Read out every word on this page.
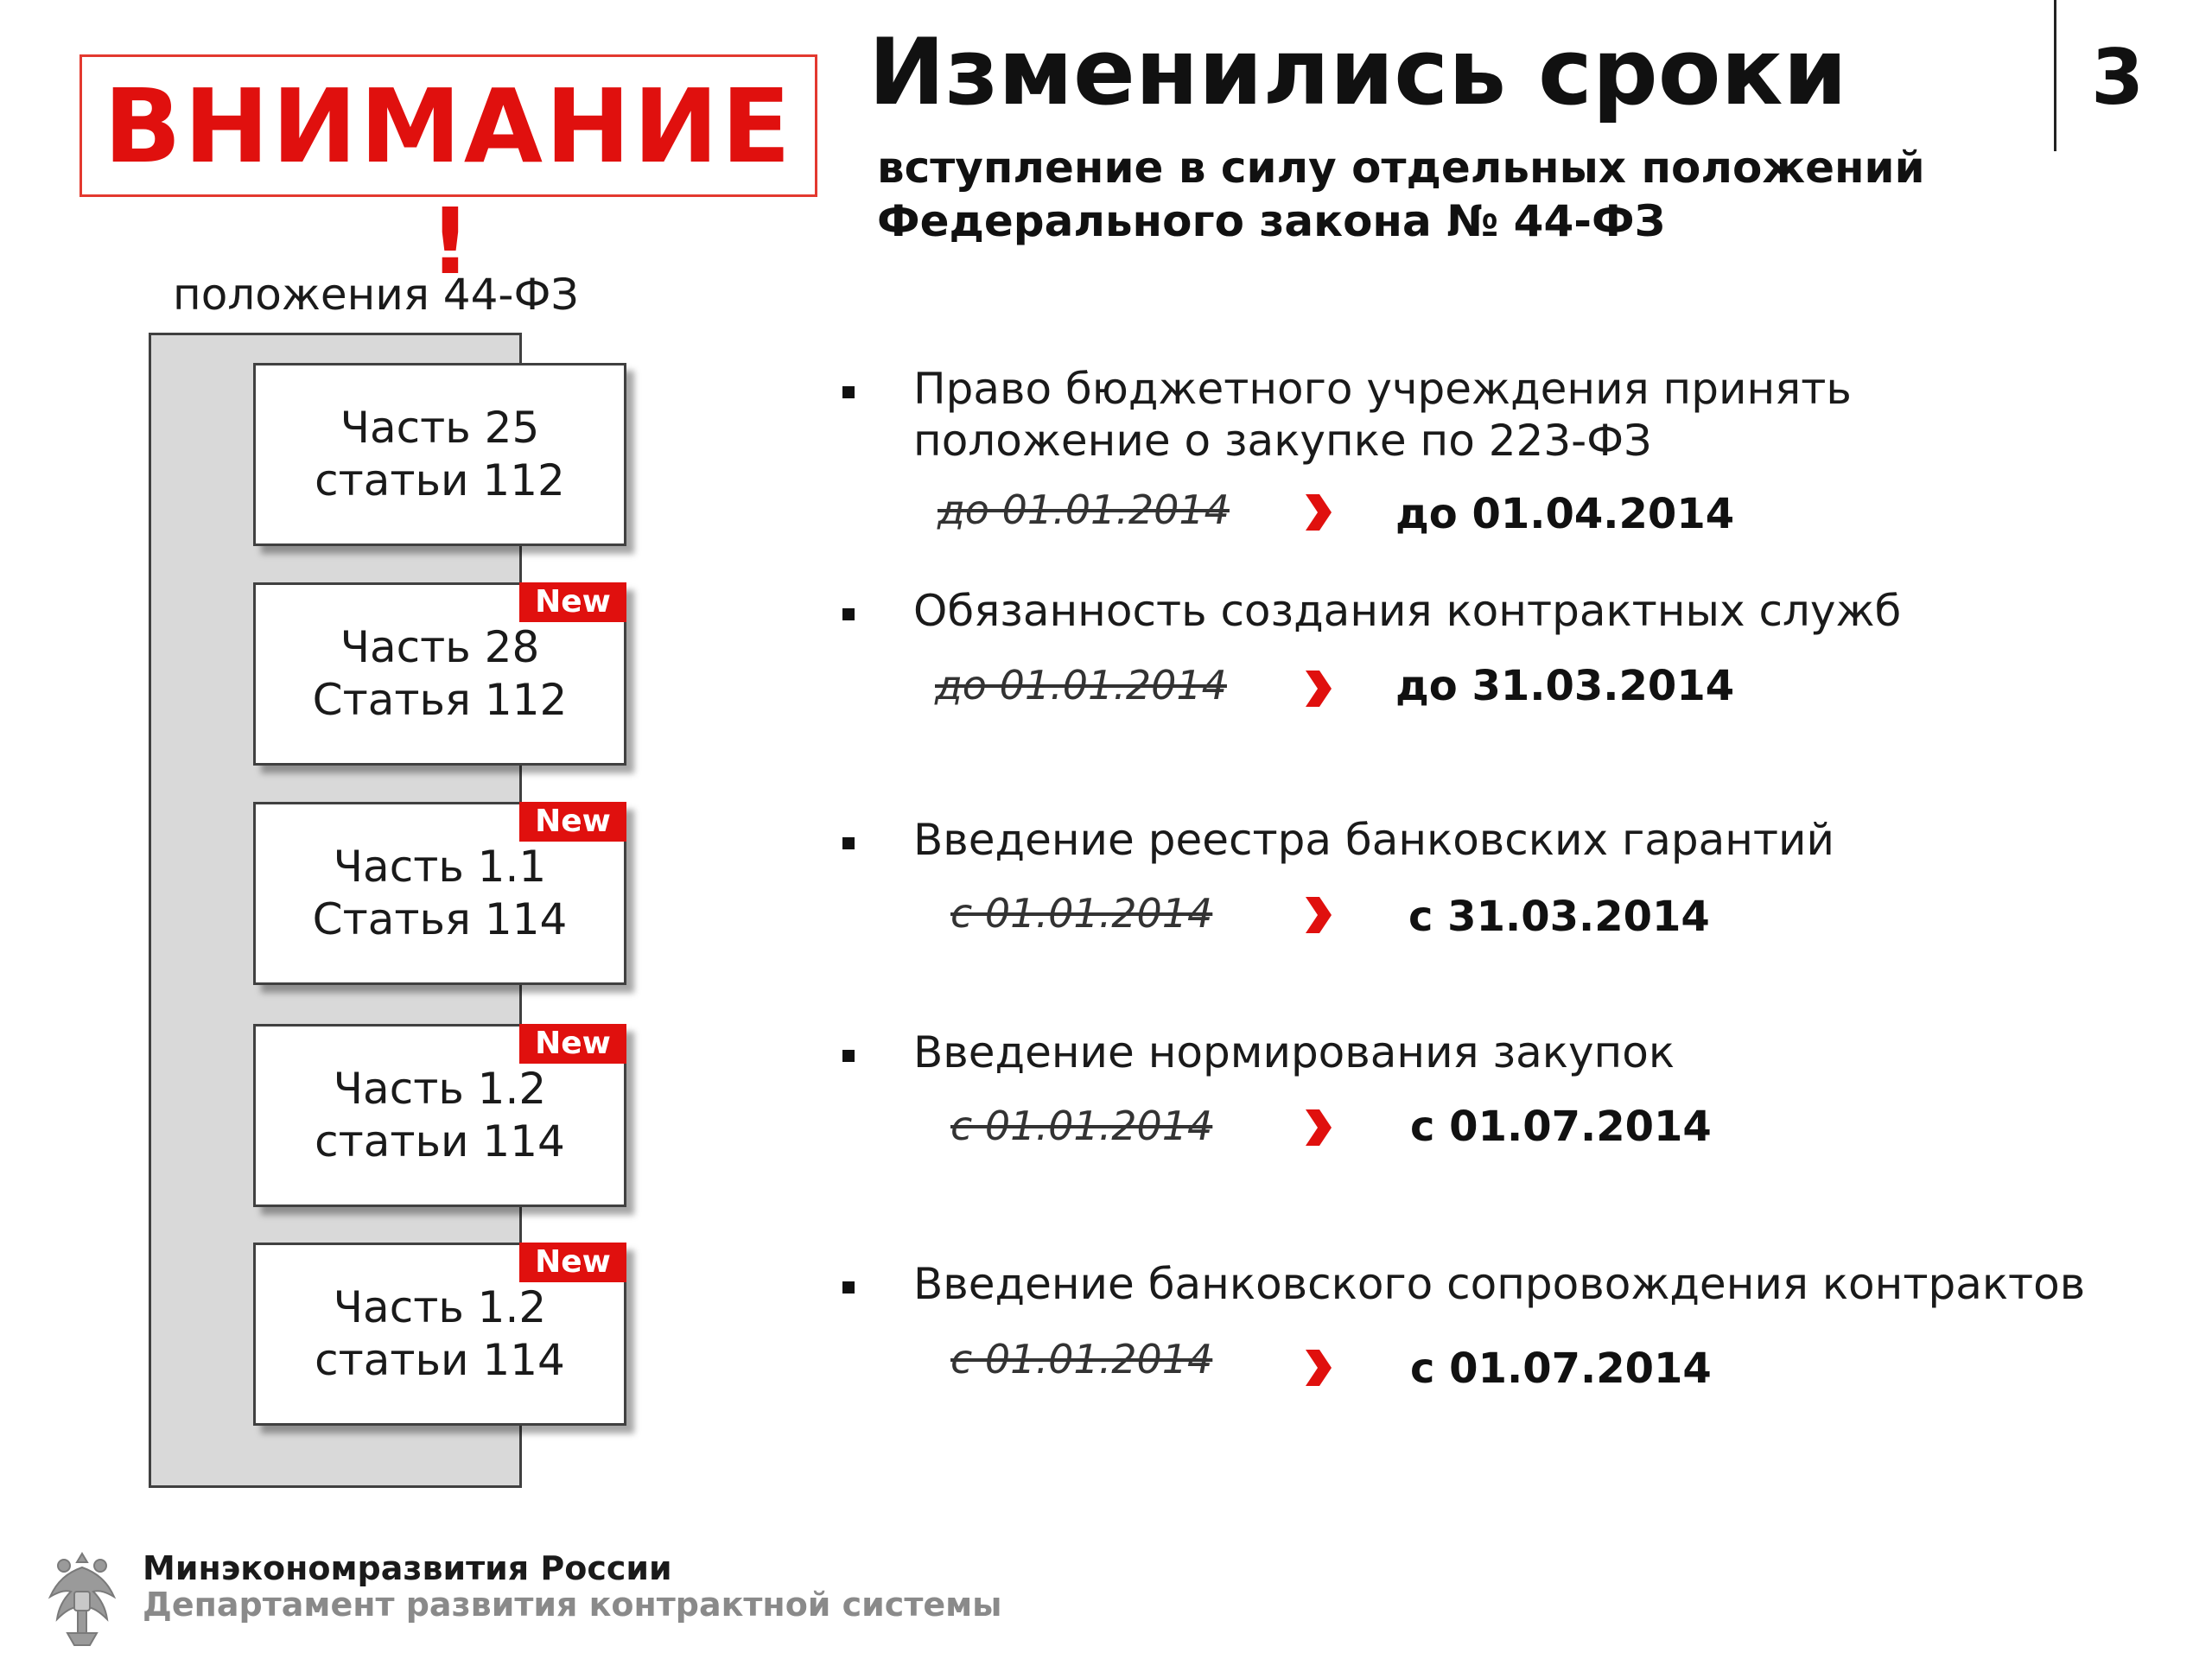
ВНИМАНИЕ
!
положения 44-ФЗ
Изменились сроки	3
вступление в силу отдельных положений
Федерального закона № 44-ФЗ
Часть 25
статьи 112
New
Часть 28
Статья 112
New
Часть 1.1
Статья 114
New
Часть 1.2
статьи 114
New
Часть 1.2
статьи 114
Право бюджетного учреждения принять
положение о закупке по 223-ФЗ
до 01.01.2014	до 01.04.2014
Обязанность создания контрактных служб
до 01.01.2014	до 31.03.2014
Введение реестра банковских гарантий
с 01.01.2014	с 31.03.2014
Введение нормирования закупок
с 01.01.2014	с 01.07.2014
Введение банковского сопровождения контрактов
с 01.01.2014	с 01.07.2014
Минэкономразвития России
Департамент развития контрактной системы
